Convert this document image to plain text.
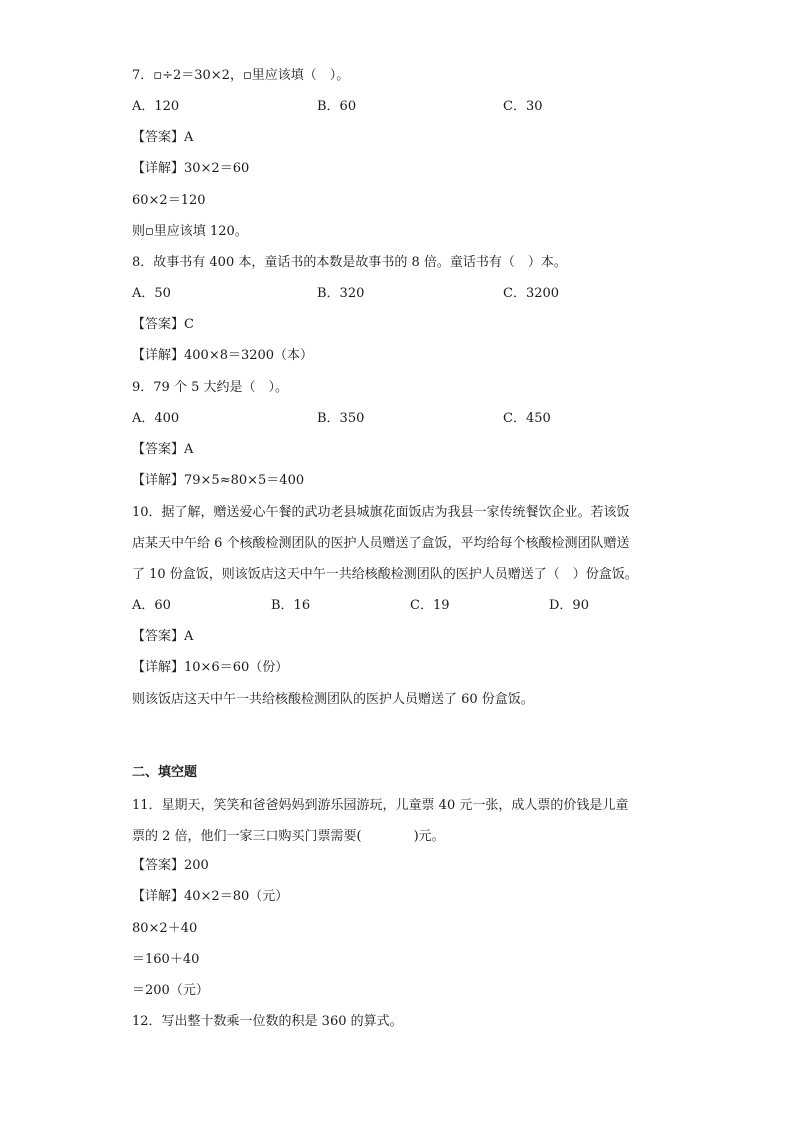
7．▫÷2＝30×2，▫里应该填（　）。
A．120	B．60	C．30
【答案】A
【详解】30×2＝60
60×2＝120
则▫里应该填 120。
8．故事书有 400 本，童话书的本数是故事书的 8 倍。童话书有（　）本。
A．50	B．320	C．3200
【答案】C
【详解】400×8＝3200（本）
9．79 个 5 大约是（　）。
A．400	B．350	C．450
【答案】A
【详解】79×5≈80×5＝400
10．据了解，赠送爱心午餐的武功老县城旗花面饭店为我县一家传统餐饮企业。若该饭
店某天中午给 6 个核酸检测团队的医护人员赠送了盒饭，平均给每个核酸检测团队赠送
了 10 份盒饭，则该饭店这天中午一共给核酸检测团队的医护人员赠送了（　）份盒饭。
A．60	B．16	C．19	D．90
【答案】A
【详解】10×6＝60（份）
则该饭店这天中午一共给核酸检测团队的医护人员赠送了 60 份盒饭。
二、填空题
11．星期天，笑笑和爸爸妈妈到游乐园游玩，儿童票 40 元一张，成人票的价钱是儿童
票的 2 倍，他们一家三口购买门票需要(　　　　)元。
【答案】200
【详解】40×2＝80（元）
80×2＋40
＝160＋40
＝200（元）
12．写出整十数乘一位数的积是 360 的算式。
